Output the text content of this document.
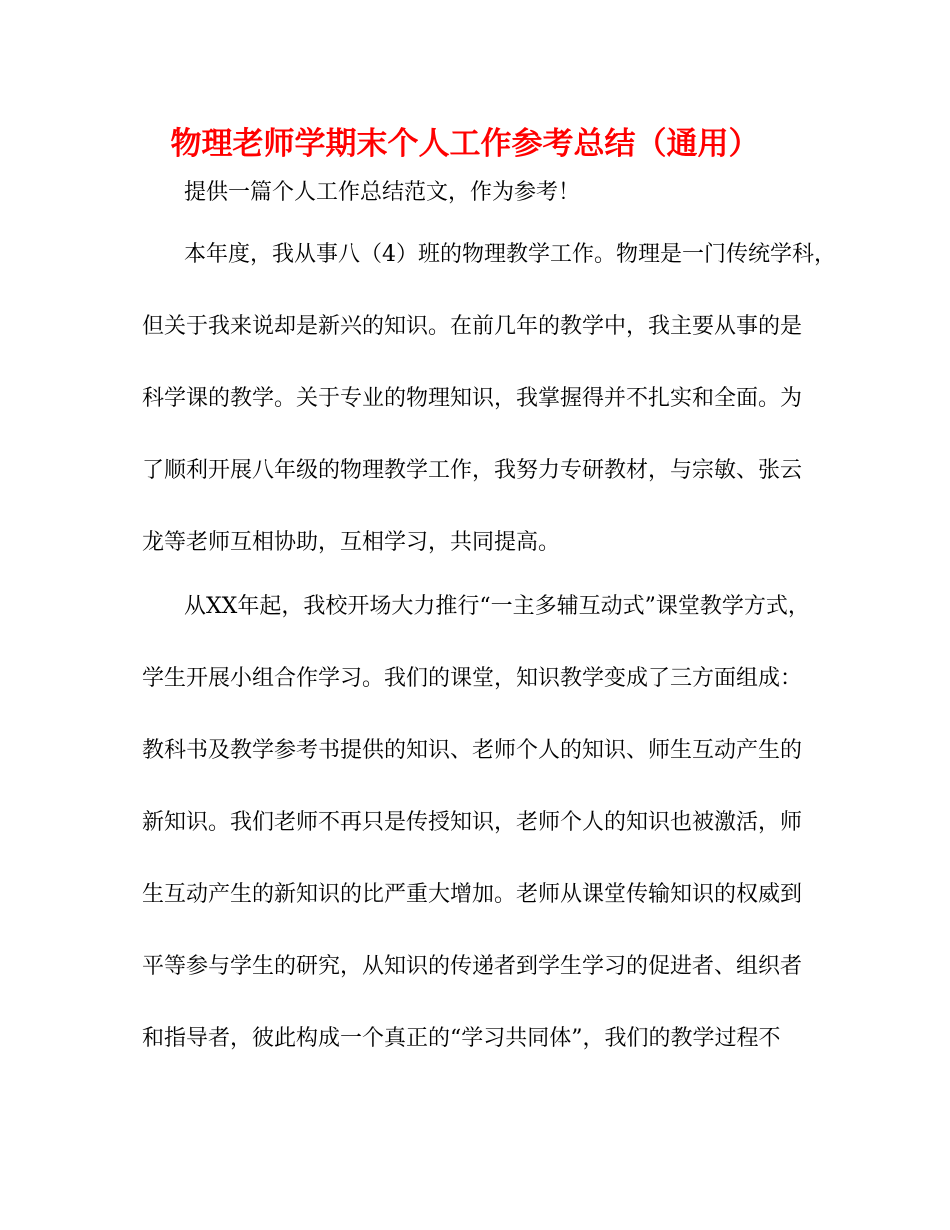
物理老师学期末个人工作参考总结（通用）
提供一篇个人工作总结范文，作为参考！
本年度，我从事八（4）班的物理教学工作。物理是一门传统学科，
但关于我来说却是新兴的知识。在前几年的教学中，我主要从事的是
科学课的教学。关于专业的物理知识，我掌握得并不扎实和全面。为
了顺利开展八年级的物理教学工作，我努力专研教材，与宗敏、张云
龙等老师互相协助，互相学习，共同提高。
从XX年起，我校开场大力推行“一主多辅互动式”课堂教学方式，
学生开展小组合作学习。我们的课堂，知识教学变成了三方面组成：
教科书及教学参考书提供的知识、老师个人的知识、师生互动产生的
新知识。我们老师不再只是传授知识，老师个人的知识也被激活，师
生互动产生的新知识的比严重大增加。老师从课堂传输知识的权威到
平等参与学生的研究，从知识的传递者到学生学习的促进者、组织者
和指导者，彼此构成一个真正的“学习共同体”，我们的教学过程不
